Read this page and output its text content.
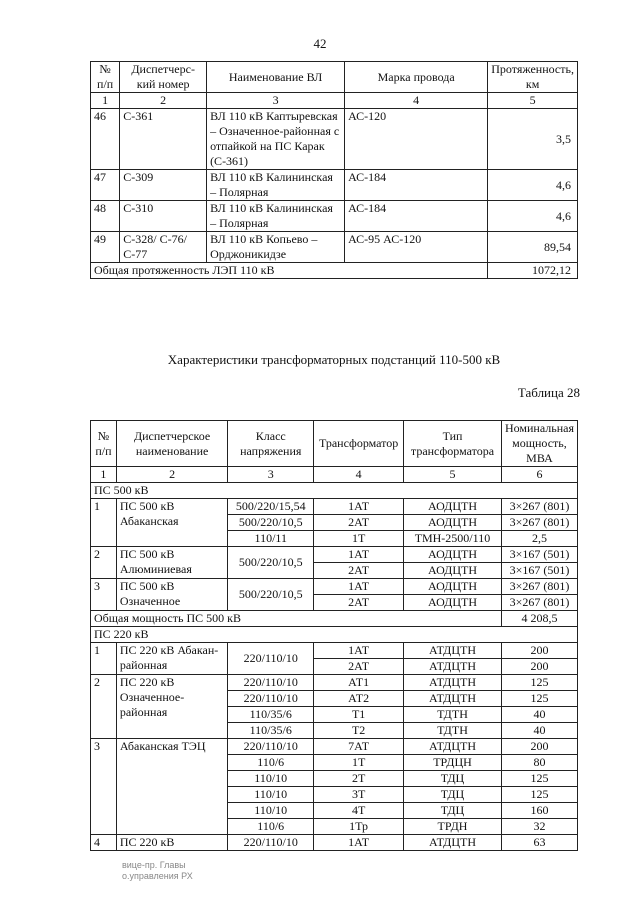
42
№ п/п	Диспетчерс-кий номер	Наименование ВЛ	Марка провода	Протяженность, км
1	2	3	4	5
46	С-361	ВЛ 110 кВ Каптыревская – Означенное-районная с отпайкой на ПС Карак (С-361)	АС-120	3,5
47	С-309	ВЛ 110 кВ Калининская – Полярная	АС-184	4,6
48	С-310	ВЛ 110 кВ Калининская – Полярная	АС-184	4,6
49	С-328/ С-76/ С-77	ВЛ 110 кВ Копьево – Орджоникидзе	АС-95 АС-120	89,54
Общая протяженность ЛЭП 110 кВ				1072,12
Характеристики трансформаторных подстанций 110-500 кВ
Таблица 28
№ п/п	Диспетчерское наименование	Класс напряжения	Трансформатор	Тип трансформатора	Номинальная мощность, МВА
1	2	3	4	5	6
ПС 500 кВ					
1	ПС 500 кВ Абаканская	500/220/15,54	1АТ	АОДЦТН	3×267 (801)
		500/220/10,5	2АТ	АОДЦТН	3×267 (801)
		110/11	1Т	ТМН-2500/110	2,5
2	ПС 500 кВ Алюминиевая	500/220/10,5	1АТ	АОДЦТН	3×167 (501)
			2АТ	АОДЦТН	3×167 (501)
3	ПС 500 кВ Означенное	500/220/10,5	1АТ	АОДЦТН	3×267 (801)
			2АТ	АОДЦТН	3×267 (801)
Общая мощность ПС 500 кВ					4 208,5
ПС 220 кВ					
1	ПС 220 кВ Абакан-районная	220/110/10	1АТ	АТДЦТН	200
			2АТ	АТДЦТН	200
2	ПС 220 кВ Означенное-районная	220/110/10	АТ1	АТДЦТН	125
		220/110/10	АТ2	АТДЦТН	125
		110/35/6	Т1	ТДТН	40
		110/35/6	Т2	ТДТН	40
3	Абаканская ТЭЦ	220/110/10	7АТ	АТДЦТН	200
		110/6	1Т	ТРДЦН	80
		110/10	2Т	ТДЦ	125
		110/10	3Т	ТДЦ	125
		110/10	4Т	ТДЦ	160
		110/6	1Тр	ТРДН	32
4	ПС 220 кВ	220/110/10	1АТ	АТДЦТН	63
вице-пр. Главы
о.управления РХ
